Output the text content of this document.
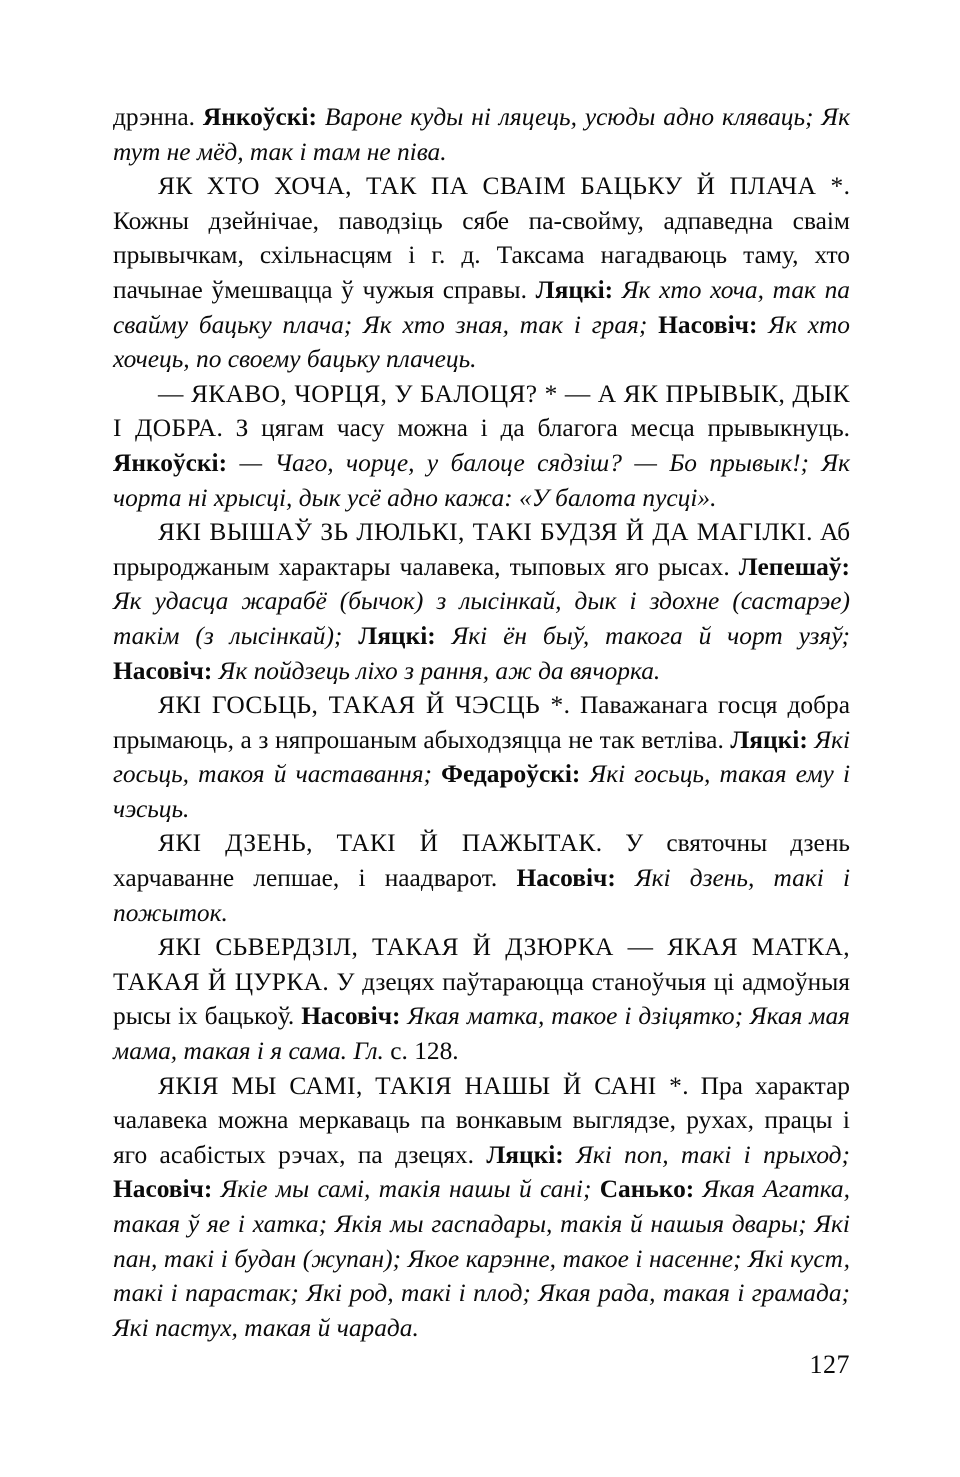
дрэнна. Янкоўскі: Вароне куды ні ляцець, усюды адно кляваць; Як тут не мёд, так і там не піва.

ЯК ХТО ХОЧА, ТАК ПА СВАІМ БАЦЬКУ Й ПЛАЧА *. Кожны дзейнічае, паводзіць сябе па-свойму, адпаведна сваім прывычкам, схільнасцям і г. д. Таксама нагадваюць таму, хто пачынае ўмешвацца ў чужыя справы. Ляцкі: Як хто хоча, так па свайму бацьку плача; Як хто зная, так і грая; Насовіч: Як хто хочець, по своему бацьку плачець.

— ЯКАВО, ЧОРЦЯ, У БАЛОЦЯ? * — А ЯК ПРЫВЫК, ДЫК І ДОБРА. З цягам часу можна і да благога месца прывыкнуць. Янкоўскі: — Чаго, чорце, у балоце сядзіш? — Бо прывык!; Як чорта ні хрысці, дык усё адно кажа: «У балота пусці».

ЯКІ ВЫШАЎ ЗЬ ЛЮЛЬКІ, ТАКІ БУДЗЯ Й ДА МАГІЛКІ. Аб прыроджаным характары чалавека, тыповых яго рысах. Лепешаў: Як удасца жарабё (бычок) з лысінкай, дык і здохне (састарэе) такім (з лысінкай); Ляцкі: Які ён быў, такога й чорт узяў; Насовіч: Як пойдзець ліхо з рання, аж да вячорка.

ЯКІ ГОСЬЦЬ, ТАКАЯ Й ЧЭСЦЬ *. Паважанага госця добра прымаюць, а з няпрошаным абыходзяцца не так ветліва. Ляцкі: Які госьць, такоя й частавання; Федароўскі: Які госьць, такая ему і чэсьць.

ЯКІ ДЗЕНЬ, ТАКІ Й ПАЖЫТАК. У святочны дзень харчаванне лепшае, і наадварот. Насовіч: Які дзень, такі і пожыток.

ЯКІ СЬВЕРДЗІЛ, ТАКАЯ Й ДЗЮРКА — ЯКАЯ МАТКА, ТАКАЯ Й ЦУРКА. У дзецях паўтараюцца станоўчыя ці адмоўныя рысы іх бацькоў. Насовіч: Якая матка, такое і дзіцятко; Якая мая мама, такая і я сама. Гл. с. 128.

ЯКІЯ МЫ САМІ, ТАКІЯ НАШЫ Й САНІ *. Пра характар чалавека можна меркаваць па вонкавым выглядзе, рухах, працы і яго асабістых рэчах, па дзецях. Ляцкі: Які поп, такі і прыход; Насовіч: Якіе мы самі, такія нашы й сані; Санько: Якая Агатка, такая ў яе і хатка; Якія мы гаспадары, такія й нашыя двары; Які пан, такі і будан (жупан); Якое карэнне, такое і насенне; Які куст, такі і парастак; Які род, такі і плод; Якая рада, такая і грамада; Які пастух, такая й чарада.

127
